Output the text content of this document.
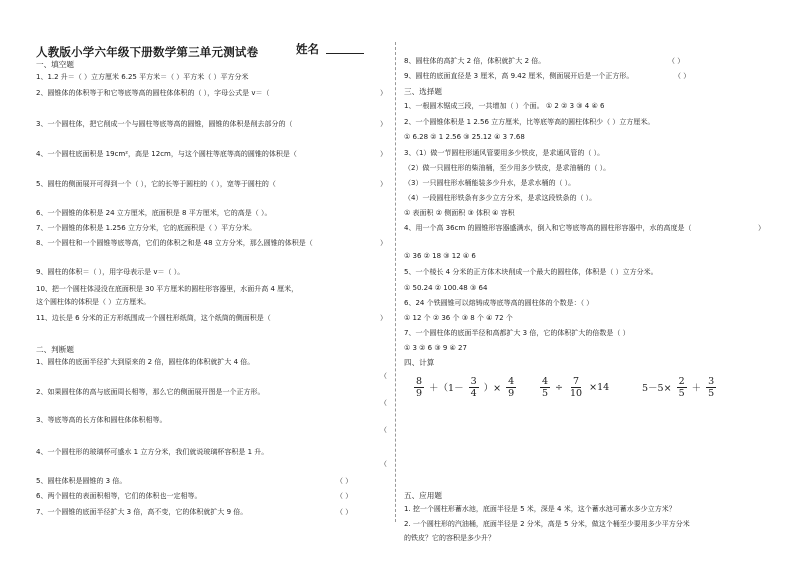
人教版小学六年级下册数学第三单元测试卷	姓名
一、填空题
1、1.2 升＝（ ）立方厘米 6.25 平方米＝（ ）平方米（ ）平方分米
2、圆锥体的体积等于和它等底等高的圆柱体体积的（ ），字母公式是 v＝（	）
3、一个圆柱体，把它削成一个与圆柱等底等高的圆锥，圆锥的体积是削去部分的（	）
4、一个圆柱底面积是 19cm²，高是 12cm，与这个圆柱等底等高的圆锥的体积是（	）
5、圆柱的侧面展开可得到一个（ ），它的长等于圆柱的（ ），宽等于圆柱的（	）
6、一个圆锥的体积是 24 立方厘米，底面积是 8 平方厘米，它的高是（ ）。
7、一个圆锥的体积是 1.256 立方分米，它的底面积是（ ）平方分米。
8、一个圆柱和一个圆锥等底等高，它们的体积之和是 48 立方分米，那么圆锥的体积是（	）
9、圆柱的体积＝（ ），用字母表示是 v＝（ ）。
10、把一个圆柱体浸没在底面积是 30 平方厘米的圆柱形容器里，水面升高 4 厘米，
这个圆柱体的体积是（ ）立方厘米。
11、边长是 6 分米的正方形纸围成一个圆柱形纸筒，这个纸筒的侧面积是（	）
二、判断题
1、圆柱体的底面半径扩大到原来的 2 倍，圆柱体的体积就扩大 4 倍。
（
2、如果圆柱体的高与底面周长相等，那么它的侧面展开图是一个正方形。
（
3、等底等高的长方体和圆柱体体积相等。
（
4、一个圆柱形的玻璃杯可盛水 1 立方分米，我们就说玻璃杯容积是 1 升。
（
5、圆柱体积是圆锥的 3 倍。	（ ）
6、两个圆柱的表面积相等，它们的体积也一定相等。	（ ）
7、一个圆锥的底面半径扩大 3 倍，高不变，它的体积就扩大 9 倍。	（ ）
8、圆柱体的高扩大 2 倍，体积就扩大 2 倍。	（ ）
9、圆柱的底面直径是 3 厘米，高 9.42 厘米，侧面展开后是一个正方形。	（ ）
三、选择题
1、一根圆木锯成三段，一共增加（ ）个面。 ① 2 ② 3 ③ 4 ④ 6
2、一个圆锥体积是 1 2.56 立方厘米，比等底等高的圆柱体积少（ ）立方厘米。
① 6.28 ② 1 2.56 ③ 25.12 ④ 3 7.68
3、（1）做一节圆柱形通风管要用多少铁皮，是求通风管的（ ）。
（2）做一只圆柱形的柴油桶，至少用多少铁皮，是求油桶的（ ）。
（3）一只圆柱形水桶能装多少升水，是求水桶的（ ）。
（4）一段圆柱形铁条有多少立方分米，是求这段铁条的（ ）。
① 表面积 ② 侧面积 ③ 体积 ④ 容积
4、用一个高 36cm 的圆锥形容器盛满水，倒入和它等底等高的圆柱形容器中，水的高度是（	）
① 36 ② 18 ③ 12 ④ 6
5、一个棱长 4 分米的正方体木块削成一个最大的圆柱体，体积是（ ）立方分米。
① 50.24 ② 100.48 ③ 64
6、24 个铁圆锥可以熔铸成等底等高的圆柱体的个数是：（ ）
① 12 个 ② 36 个 ③ 8 个 ④ 72 个
7、一个圆柱体的底面半径和高都扩大 3 倍，它的体积扩大的倍数是（ ）
① 3 ② 6 ③ 9 ④ 27
四、计算
$\frac{8}{9} +(1- \frac{3}{4}$ ）× $\frac{4}{9}$	$\frac{4}{5} \div \frac{7}{10} \times 14$	$5-5\times \frac{2}{5} + \frac{3}{5}$
五、应用题
1. 挖一个圆柱形蓄水池，底面半径是 5 米，深是 4 米，这个蓄水池可蓄水多少立方米？
2. 一个圆柱形的汽油桶，底面半径是 2 分米，高是 5 分米，做这个桶至少要用多少平方分米
的铁皮？它的容积是多少升？
